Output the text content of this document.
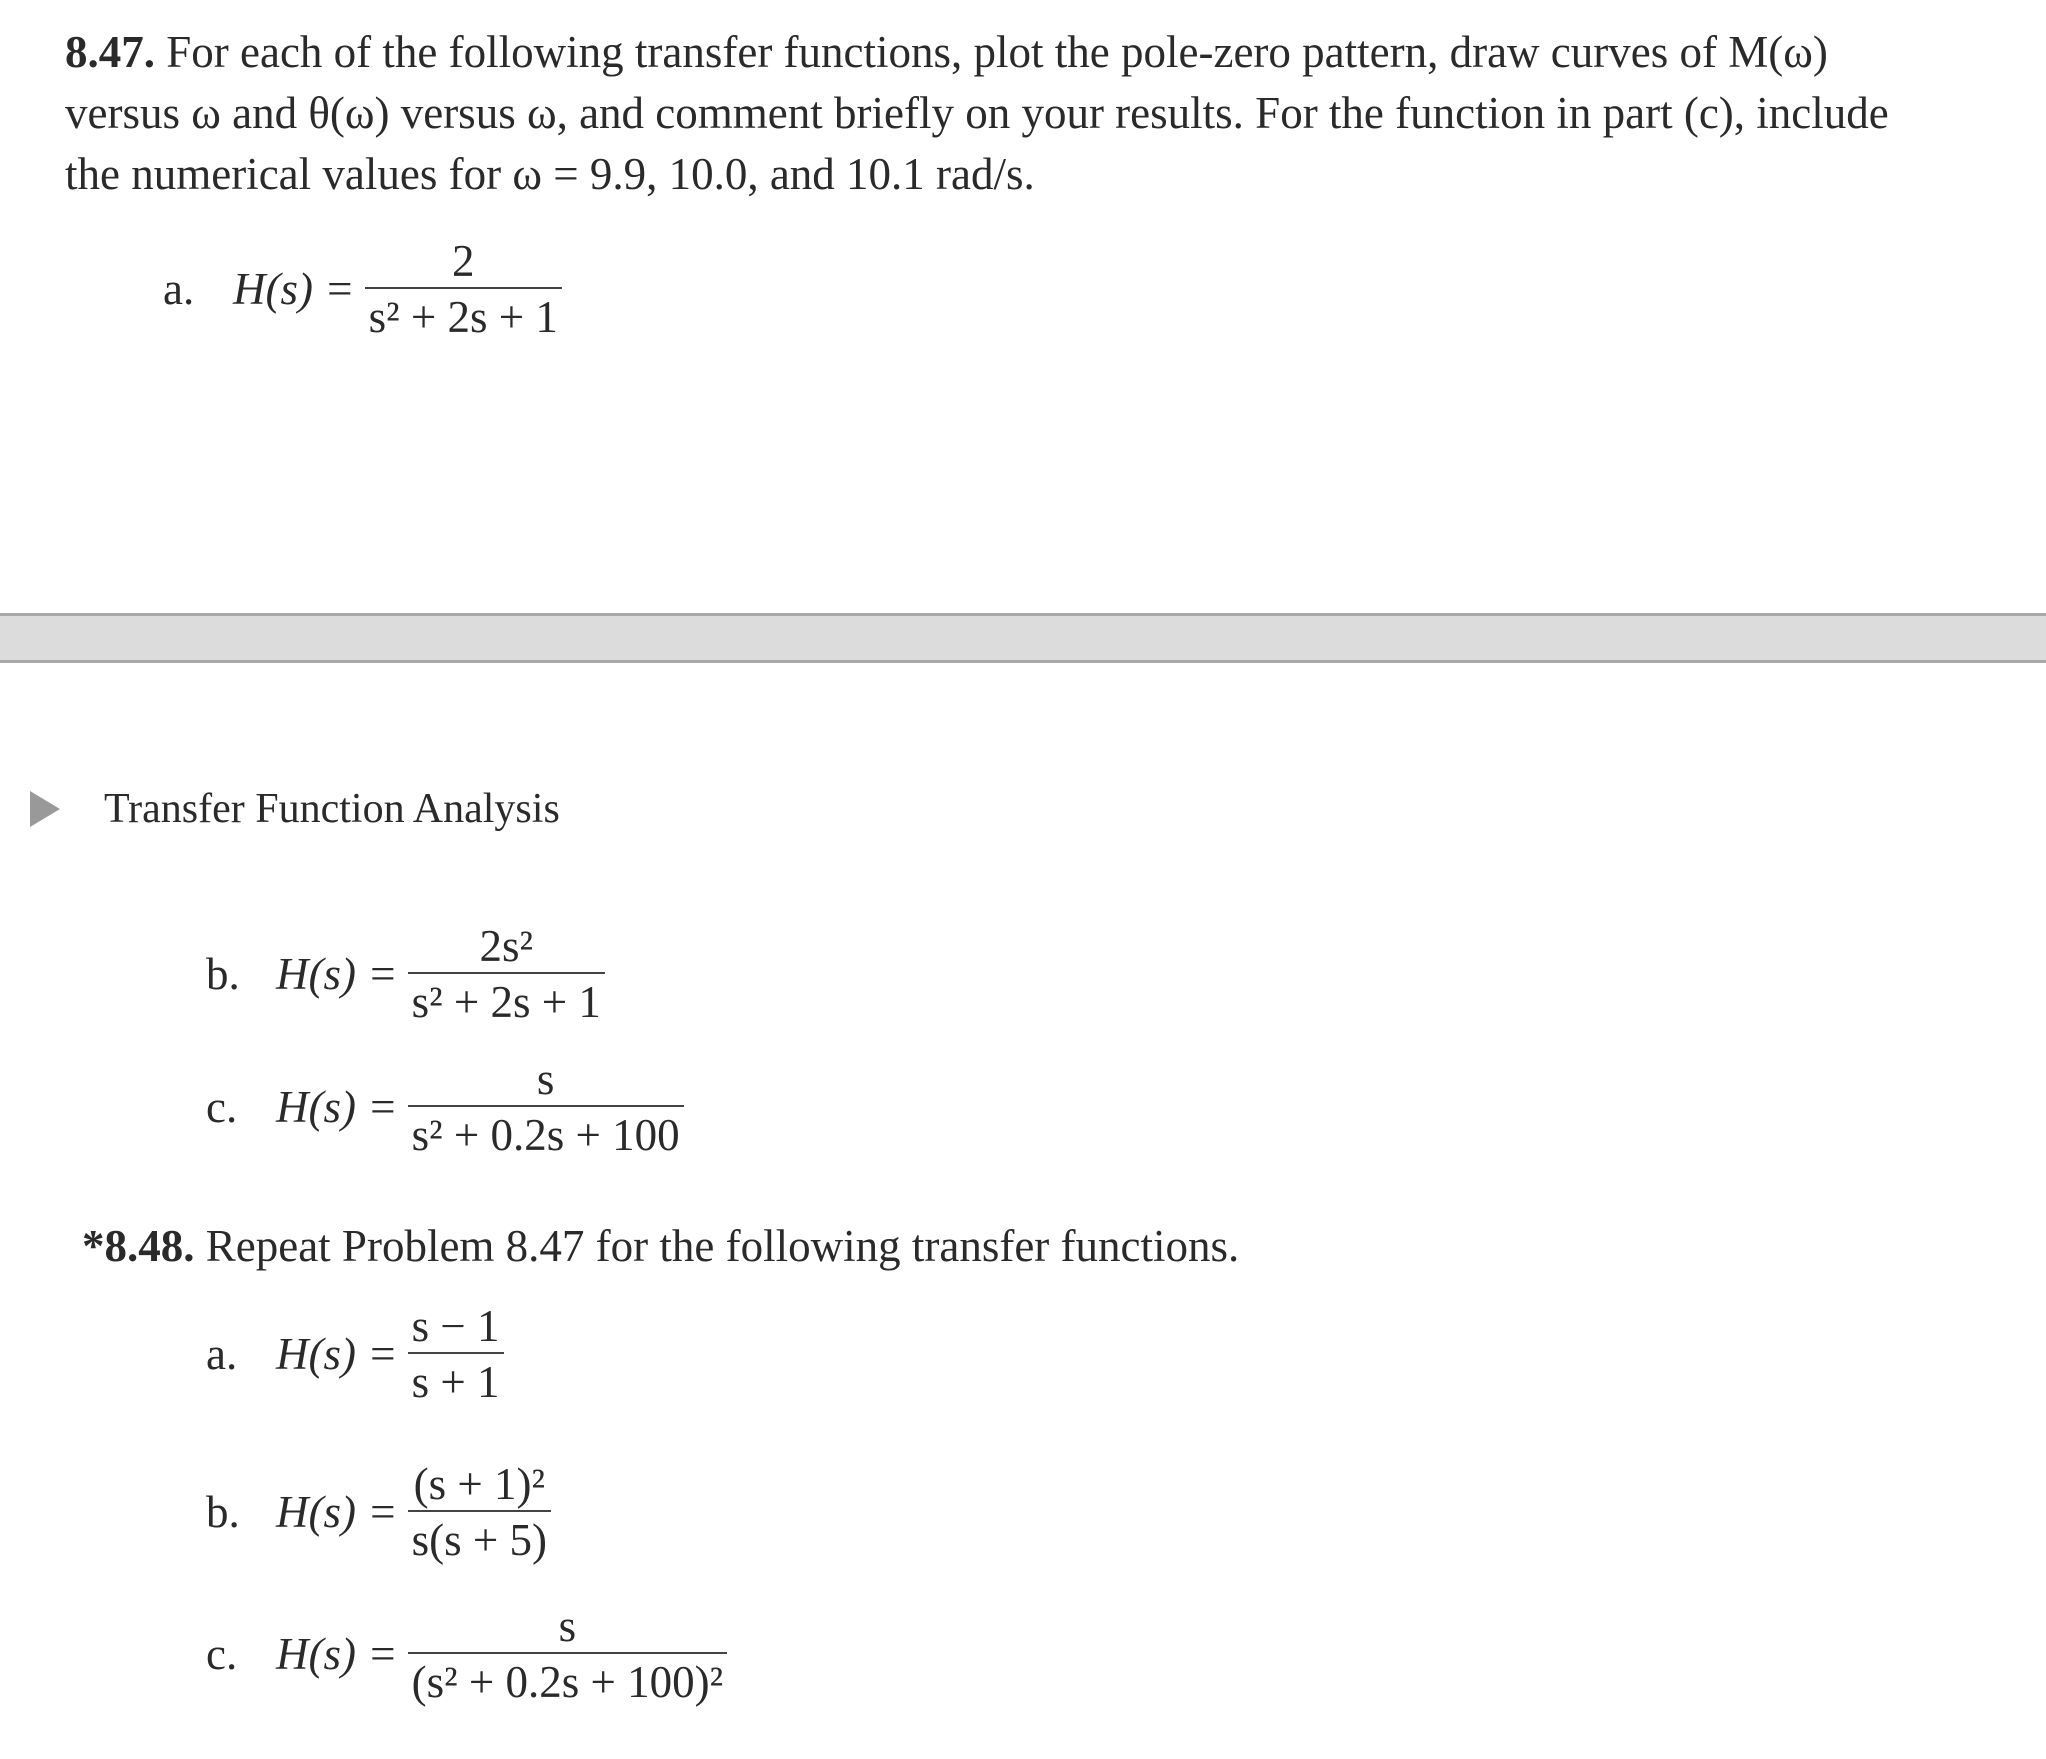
8.47. For each of the following transfer functions, plot the pole-zero pattern, draw curves of M(ω) versus ω and θ(ω) versus ω, and comment briefly on your results. For the function in part (c), include the numerical values for ω = 9.9, 10.0, and 10.1 rad/s.
a. $H(s) = \frac{2}{\text{s² + 2s + 1}}$
Transfer Function Analysis
b. $H(s) = \frac{\text{2s²}}{\text{s² + 2s + 1}}$
c. $H(s) = \frac{s}{\text{s² + 0.2s + 100}}$
*8.48. Repeat Problem 8.47 for the following transfer functions.
a. $H(s) = \frac{s - 1}{s + 1}$
b. $H(s) = \frac{\text{(s + 1)²}}{s(s + 5)}$
c. $H(s) = \frac{s}{\text{(s² + 0.2s + 100)²}}$
